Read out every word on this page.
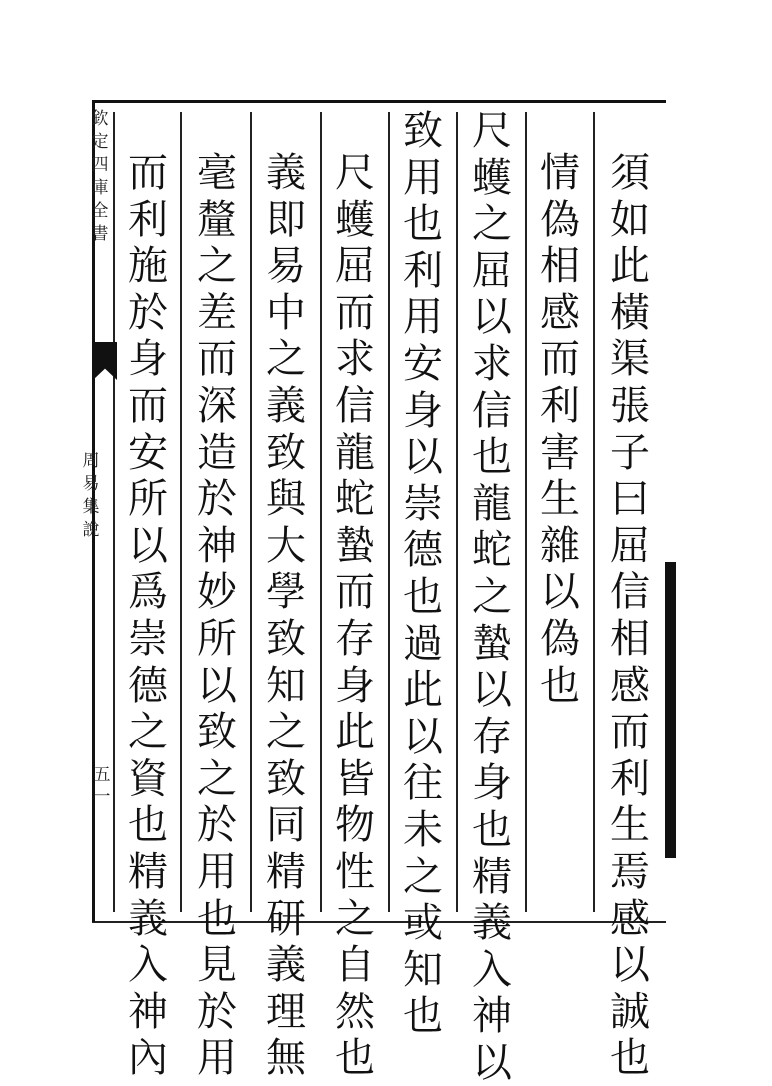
欽
定
四
庫
全
書
周
易
集
說
五
一
須
如
此
橫
渠
張
子
曰
屈
信
相
感
而
利
生
焉
感
以
誠
也
情
偽
相
感
而
利
害
生
雜
以
偽
也
尺
蠖
之
屈
以
求
信
也
龍
蛇
之
蟄
以
存
身
也
精
義
入
神
以
致
用
也
利
用
安
身
以
崇
德
也
過
此
以
往
未
之
或
知
也
尺
蠖
屈
而
求
信
龍
蛇
蟄
而
存
身
此
皆
物
性
之
自
然
也
義
即
易
中
之
義
致
與
大
學
致
知
之
致
同
精
研
義
理
無
毫
釐
之
差
而
深
造
於
神
妙
所
以
致
之
於
用
也
見
於
用
而
利
施
於
身
而
安
所
以
爲
崇
德
之
資
也
精
義
入
神
內
